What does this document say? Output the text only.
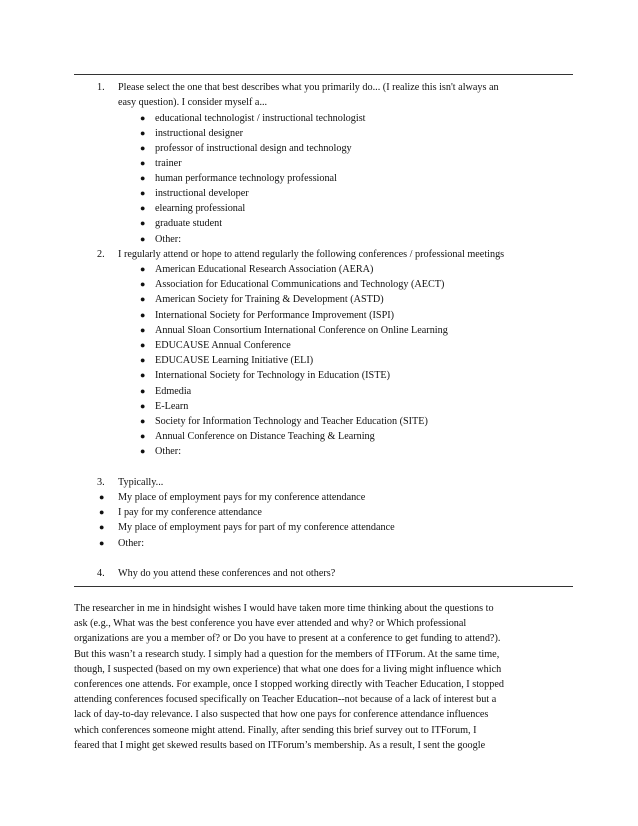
1.	Please select the one that best describes what you primarily do... (I realize this isn't always an
easy question). I consider myself a...
● educational technologist / instructional technologist
● instructional designer
● professor of instructional design and technology
● trainer
● human performance technology professional
● instructional developer
● elearning professional
● graduate student
● Other:
2.	I regularly attend or hope to attend regularly the following conferences / professional meetings
● American Educational Research Association (AERA)
● Association for Educational Communications and Technology (AECT)
● American Society for Training & Development (ASTD)
● International Society for Performance Improvement (ISPI)
● Annual Sloan Consortium International Conference on Online Learning
● EDUCAUSE Annual Conference
● EDUCAUSE Learning Initiative (ELI)
● International Society for Technology in Education (ISTE)
● Edmedia
● E-Learn
● Society for Information Technology and Teacher Education (SITE)
● Annual Conference on Distance Teaching & Learning
● Other:
3.	Typically...
●	My place of employment pays for my conference attendance
●	I pay for my conference attendance
●	My place of employment pays for part of my conference attendance
●	Other:
4.	Why do you attend these conferences and not others?
The researcher in me in hindsight wishes I would have taken more time thinking about the questions to
ask (e.g., What was the best conference you have ever attended and why? or Which professional
organizations are you a member of? or Do you have to present at a conference to get funding to attend?).
But this wasn’t a research study. I simply had a question for the members of ITForum. At the same time,
though, I suspected (based on my own experience) that what one does for a living might influence which
conferences one attends. For example, once I stopped working directly with Teacher Education, I stopped
attending conferences focused specifically on Teacher Education--not because of a lack of interest but a
lack of day-to-day relevance. I also suspected that how one pays for conference attendance influences
which conferences someone might attend. Finally, after sending this brief survey out to ITForum, I
feared that I might get skewed results based on ITForum’s membership. As a result, I sent the google
